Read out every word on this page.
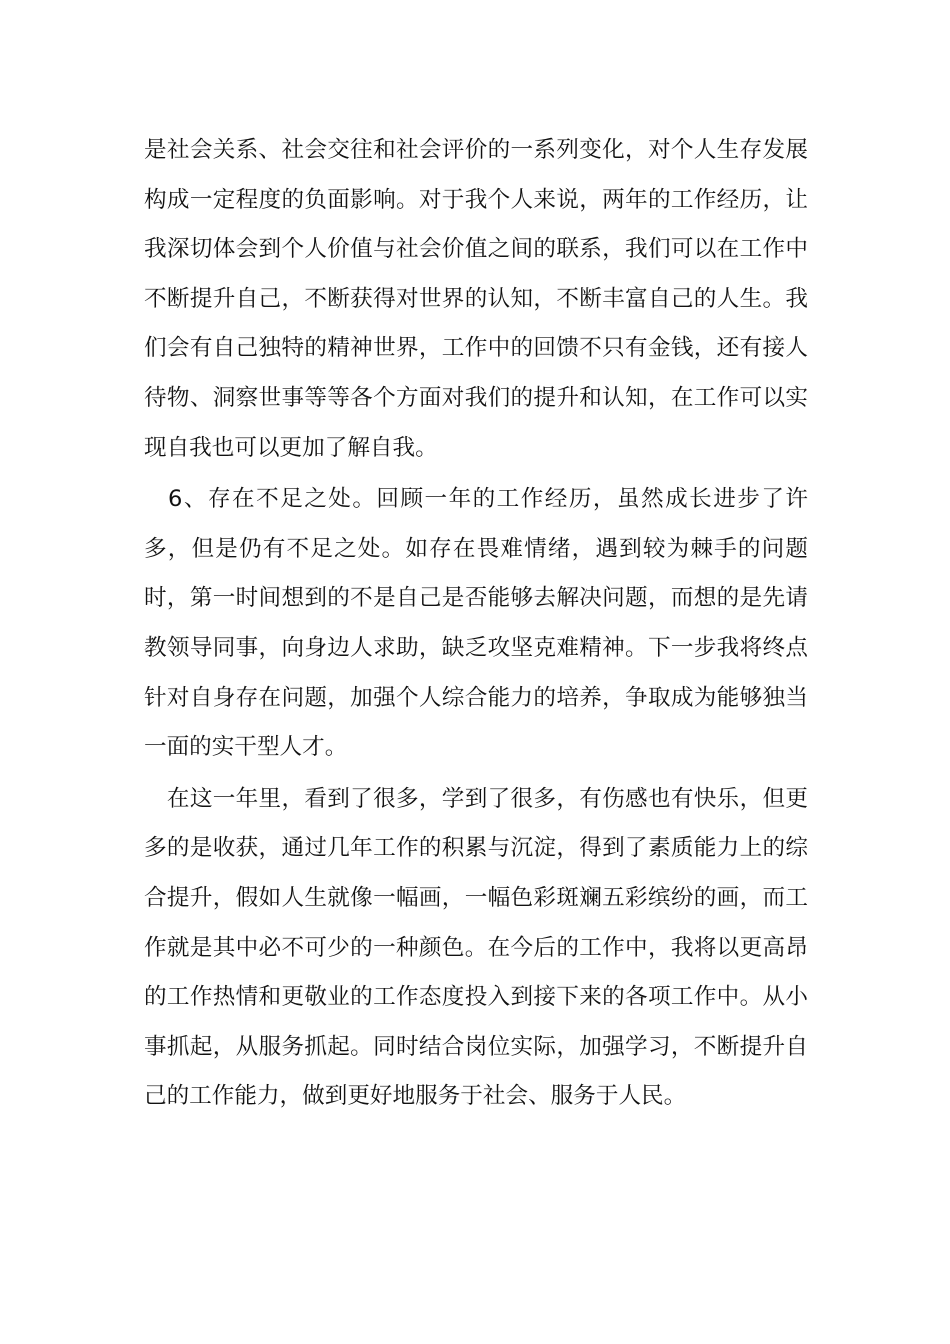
是社会关系、社会交往和社会评价的一系列变化，对个人生存发展
构成一定程度的负面影响。对于我个人来说，两年的工作经历，让
我深切体会到个人价值与社会价值之间的联系，我们可以在工作中
不断提升自己，不断获得对世界的认知，不断丰富自己的人生。我
们会有自己独特的精神世界，工作中的回馈不只有金钱，还有接人
待物、洞察世事等等各个方面对我们的提升和认知，在工作可以实
现自我也可以更加了解自我。
　6、存在不足之处。回顾一年的工作经历，虽然成长进步了许
多，但是仍有不足之处。如存在畏难情绪，遇到较为棘手的问题
时，第一时间想到的不是自己是否能够去解决问题，而想的是先请
教领导同事，向身边人求助，缺乏攻坚克难精神。下一步我将终点
针对自身存在问题，加强个人综合能力的培养，争取成为能够独当
一面的实干型人才。
　在这一年里，看到了很多，学到了很多，有伤感也有快乐，但更
多的是收获，通过几年工作的积累与沉淀，得到了素质能力上的综
合提升，假如人生就像一幅画，一幅色彩斑斓五彩缤纷的画，而工
作就是其中必不可少的一种颜色。在今后的工作中，我将以更高昂
的工作热情和更敬业的工作态度投入到接下来的各项工作中。从小
事抓起，从服务抓起。同时结合岗位实际，加强学习，不断提升自
己的工作能力，做到更好地服务于社会、服务于人民。
